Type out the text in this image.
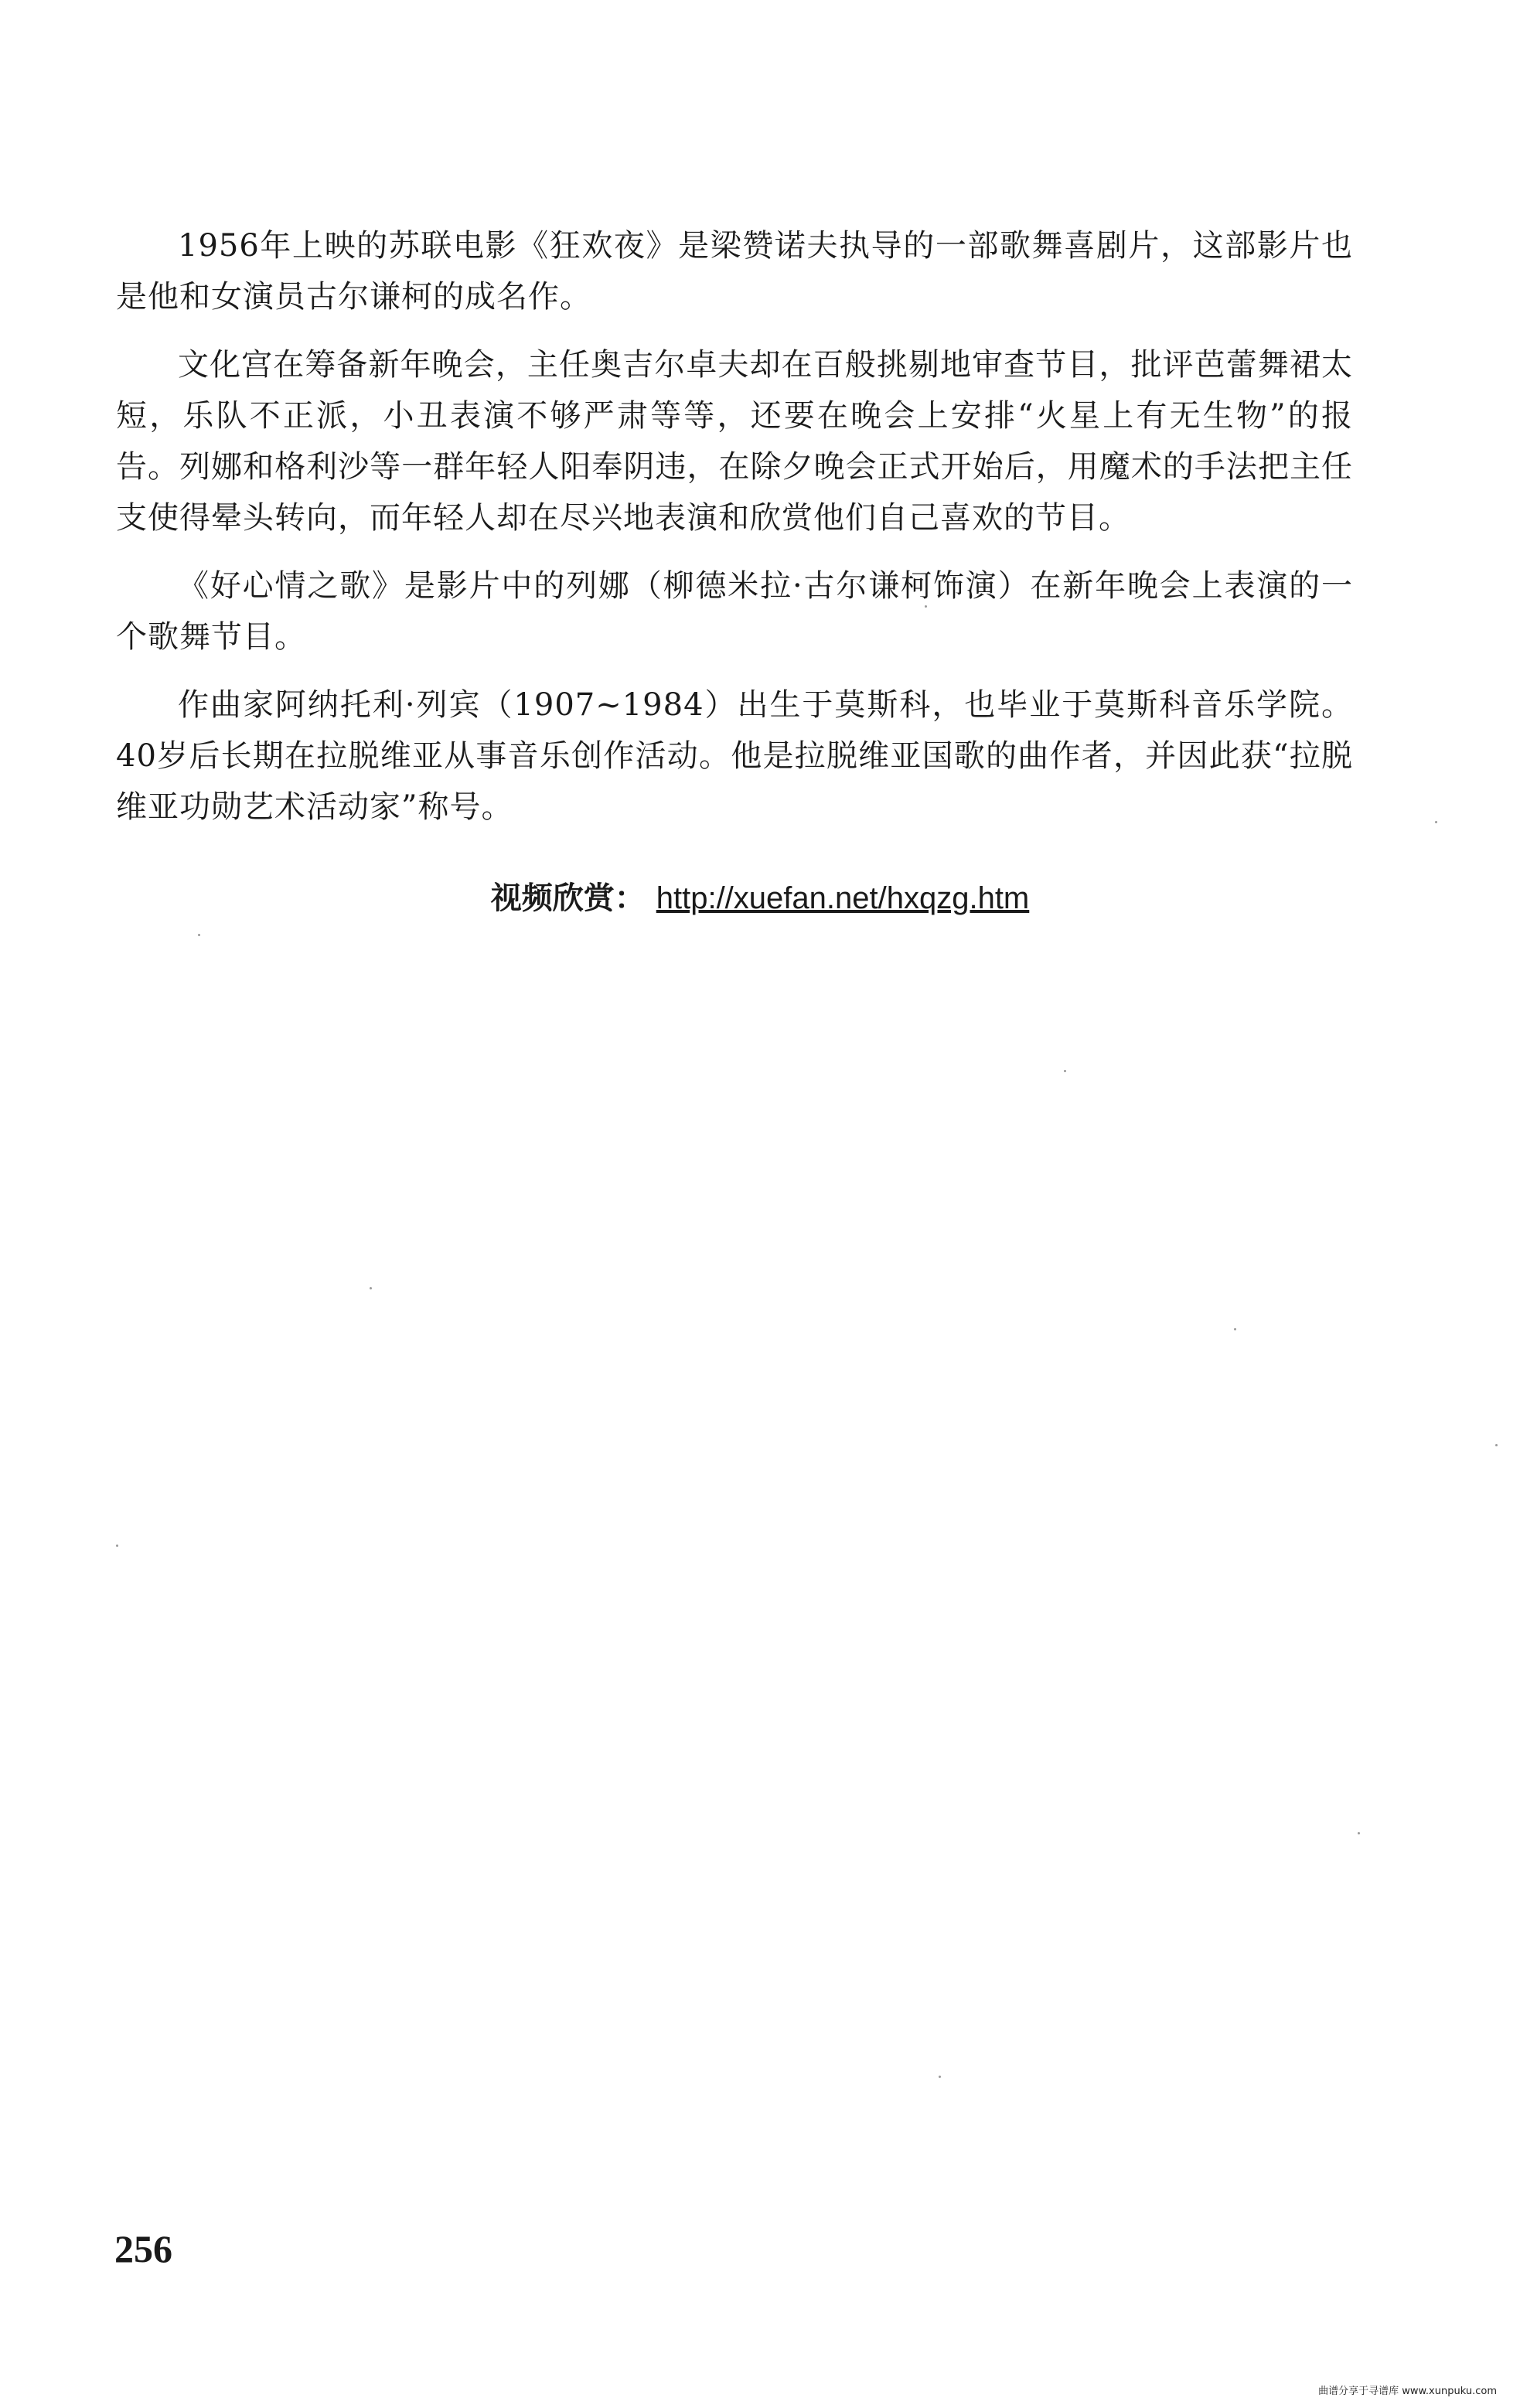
1956年上映的苏联电影《狂欢夜》是梁赞诺夫执导的一部歌舞喜剧片，这部影片也是他和女演员古尔谦柯的成名作。

文化宫在筹备新年晚会，主任奥吉尔卓夫却在百般挑剔地审查节目，批评芭蕾舞裙太短，乐队不正派，小丑表演不够严肃等等，还要在晚会上安排“火星上有无生物”的报告。列娜和格利沙等一群年轻人阳奉阴违，在除夕晚会正式开始后，用魔术的手法把主任支使得晕头转向，而年轻人却在尽兴地表演和欣赏他们自己喜欢的节目。

《好心情之歌》是影片中的列娜（柳德米拉·古尔谦柯饰演）在新年晚会上表演的一个歌舞节目。

作曲家阿纳托利·列宾（1907~1984）出生于莫斯科，也毕业于莫斯科音乐学院。40岁后长期在拉脱维亚从事音乐创作活动。他是拉脱维亚国歌的曲作者，并因此获“拉脱维亚功勋艺术活动家”称号。

视频欣赏： http://xuefan.net/hxqzg.htm
256
曲谱分享于寻谱库 www.xunpuku.com
